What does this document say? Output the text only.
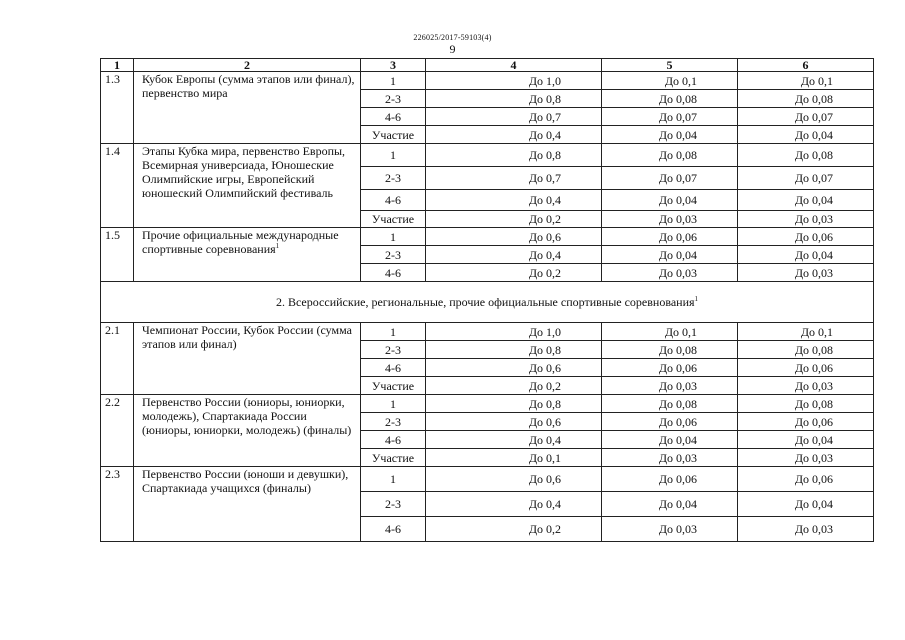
226025/2017-59103(4)
9
1	2	3	4	5	6
1.3	Кубок Европы (сумма этапов или финал), первенство мира	1	До 1,0	До 0,1	До 0,1
		2-3	До 0,8	До 0,08	До 0,08
		4-6	До 0,7	До 0,07	До 0,07
		Участие	До 0,4	До 0,04	До 0,04
1.4	Этапы Кубка мира, первенство Европы, Всемирная универсиада, Юношеские Олимпийские игры, Европейский юношеский Олимпийский фестиваль	1	До 0,8	До 0,08	До 0,08
		2-3	До 0,7	До 0,07	До 0,07
		4-6	До 0,4	До 0,04	До 0,04
		Участие	До 0,2	До 0,03	До 0,03
1.5	Прочие официальные международные спортивные соревнования$^1$	1	До 0,6	До 0,06	До 0,06
		2-3	До 0,4	До 0,04	До 0,04
		4-6	До 0,2	До 0,03	До 0,03
2. Всероссийские, региональные, прочие официальные спортивные соревнования$^1$
2.1	Чемпионат России, Кубок России (сумма этапов или финал)	1	До 1,0	До 0,1	До 0,1
		2-3	До 0,8	До 0,08	До 0,08
		4-6	До 0,6	До 0,06	До 0,06
		Участие	До 0,2	До 0,03	До 0,03
2.2	Первенство России (юниоры, юниорки, молодежь), Спартакиада России (юниоры, юниорки, молодежь) (финалы)	1	До 0,8	До 0,08	До 0,08
		2-3	До 0,6	До 0,06	До 0,06
		4-6	До 0,4	До 0,04	До 0,04
		Участие	До 0,1	До 0,03	До 0,03
2.3	Первенство России (юноши и девушки), Спартакиада учащихся (финалы)	1	До 0,6	До 0,06	До 0,06
		2-3	До 0,4	До 0,04	До 0,04
		4-6	До 0,2	До 0,03	До 0,03
